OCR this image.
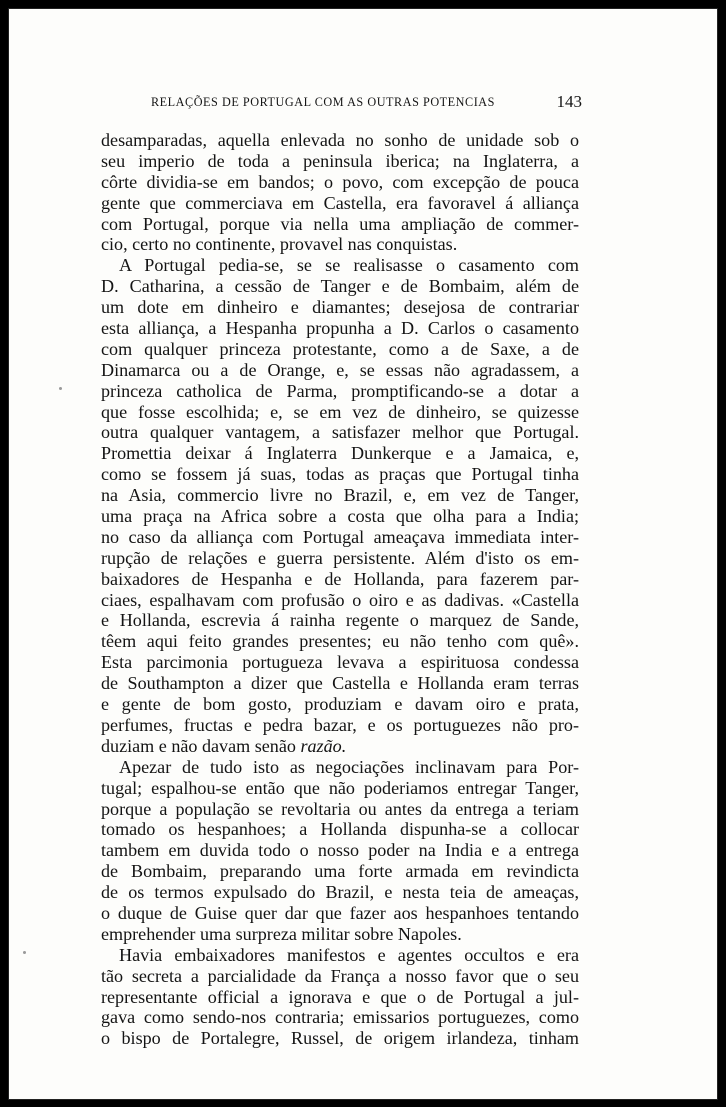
RELAÇÕES DE PORTUGAL COM AS OUTRAS POTENCIAS	143
desamparadas, aquella enlevada no sonho de unidade sob o
seu imperio de toda a peninsula iberica; na Inglaterra, a
côrte dividia-se em bandos; o povo, com excepção de pouca
gente que commerciava em Castella, era favoravel á alliança
com Portugal, porque via nella uma ampliação de commer-
cio, certo no continente, provavel nas conquistas.
A Portugal pedia-se, se se realisasse o casamento com
D. Catharina, a cessão de Tanger e de Bombaim, além de
um dote em dinheiro e diamantes; desejosa de contrariar
esta alliança, a Hespanha propunha a D. Carlos o casamento
com qualquer princeza protestante, como a de Saxe, a de
Dinamarca ou a de Orange, e, se essas não agradassem, a
princeza catholica de Parma, promptificando-se a dotar a
que fosse escolhida; e, se em vez de dinheiro, se quizesse
outra qualquer vantagem, a satisfazer melhor que Portugal.
Promettia deixar á Inglaterra Dunkerque e a Jamaica, e,
como se fossem já suas, todas as praças que Portugal tinha
na Asia, commercio livre no Brazil, e, em vez de Tanger,
uma praça na Africa sobre a costa que olha para a India;
no caso da alliança com Portugal ameaçava immediata inter-
rupção de relações e guerra persistente. Além d'isto os em-
baixadores de Hespanha e de Hollanda, para fazerem par-
ciaes, espalhavam com profusão o oiro e as dadivas. «Castella
e Hollanda, escrevia á rainha regente o marquez de Sande,
têem aqui feito grandes presentes; eu não tenho com quê».
Esta parcimonia portugueza levava a espirituosa condessa
de Southampton a dizer que Castella e Hollanda eram terras
e gente de bom gosto, produziam e davam oiro e prata,
perfumes, fructas e pedra bazar, e os portuguezes não pro-
duziam e não davam senão razão.
Apezar de tudo isto as negociações inclinavam para Por-
tugal; espalhou-se então que não poderiamos entregar Tanger,
porque a população se revoltaria ou antes da entrega a teriam
tomado os hespanhoes; a Hollanda dispunha-se a collocar
tambem em duvida todo o nosso poder na India e a entrega
de Bombaim, preparando uma forte armada em revindicta
de os termos expulsado do Brazil, e nesta teia de ameaças,
o duque de Guise quer dar que fazer aos hespanhoes tentando
emprehender uma surpreza militar sobre Napoles.
Havia embaixadores manifestos e agentes occultos e era
tão secreta a parcialidade da França a nosso favor que o seu
representante official a ignorava e que o de Portugal a jul-
gava como sendo-nos contraria; emissarios portuguezes, como
o bispo de Portalegre, Russel, de origem irlandeza, tinham
